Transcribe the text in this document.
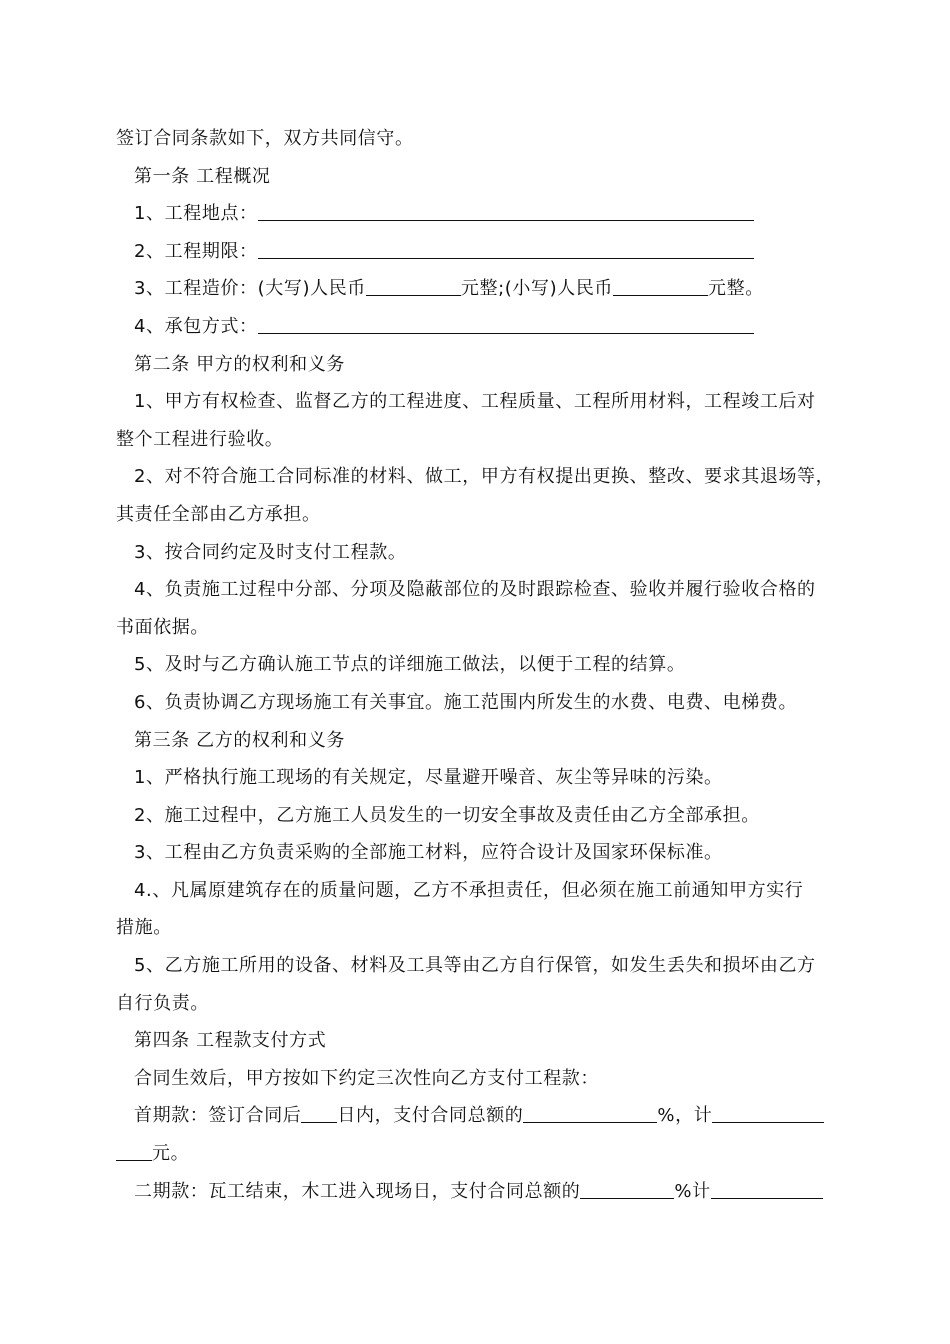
签订合同条款如下，双方共同信守。
第一条 工程概况
1、工程地点：
2、工程期限：
3、工程造价：(大写)人民币	元整;(小写)人民币	元整。
4、承包方式：
第二条 甲方的权利和义务
1、甲方有权检查、监督乙方的工程进度、工程质量、工程所用材料，工程竣工后对
整个工程进行验收。
2、对不符合施工合同标准的材料、做工，甲方有权提出更换、整改、要求其退场等，
其责任全部由乙方承担。
3、按合同约定及时支付工程款。
4、负责施工过程中分部、分项及隐蔽部位的及时跟踪检查、验收并履行验收合格的
书面依据。
5、及时与乙方确认施工节点的详细施工做法，以便于工程的结算。
6、负责协调乙方现场施工有关事宜。施工范围内所发生的水费、电费、电梯费。
第三条 乙方的权利和义务
1、严格执行施工现场的有关规定，尽量避开噪音、灰尘等异味的污染。
2、施工过程中，乙方施工人员发生的一切安全事故及责任由乙方全部承担。
3、工程由乙方负责采购的全部施工材料，应符合设计及国家环保标准。
4.、凡属原建筑存在的质量问题，乙方不承担责任，但必须在施工前通知甲方实行
措施。
5、乙方施工所用的设备、材料及工具等由乙方自行保管，如发生丢失和损坏由乙方
自行负责。
第四条 工程款支付方式
合同生效后，甲方按如下约定三次性向乙方支付工程款：
首期款：签订合同后 日内，支付合同总额的	%，计
元。
二期款：瓦工结束，木工进入现场日，支付合同总额的	%计
